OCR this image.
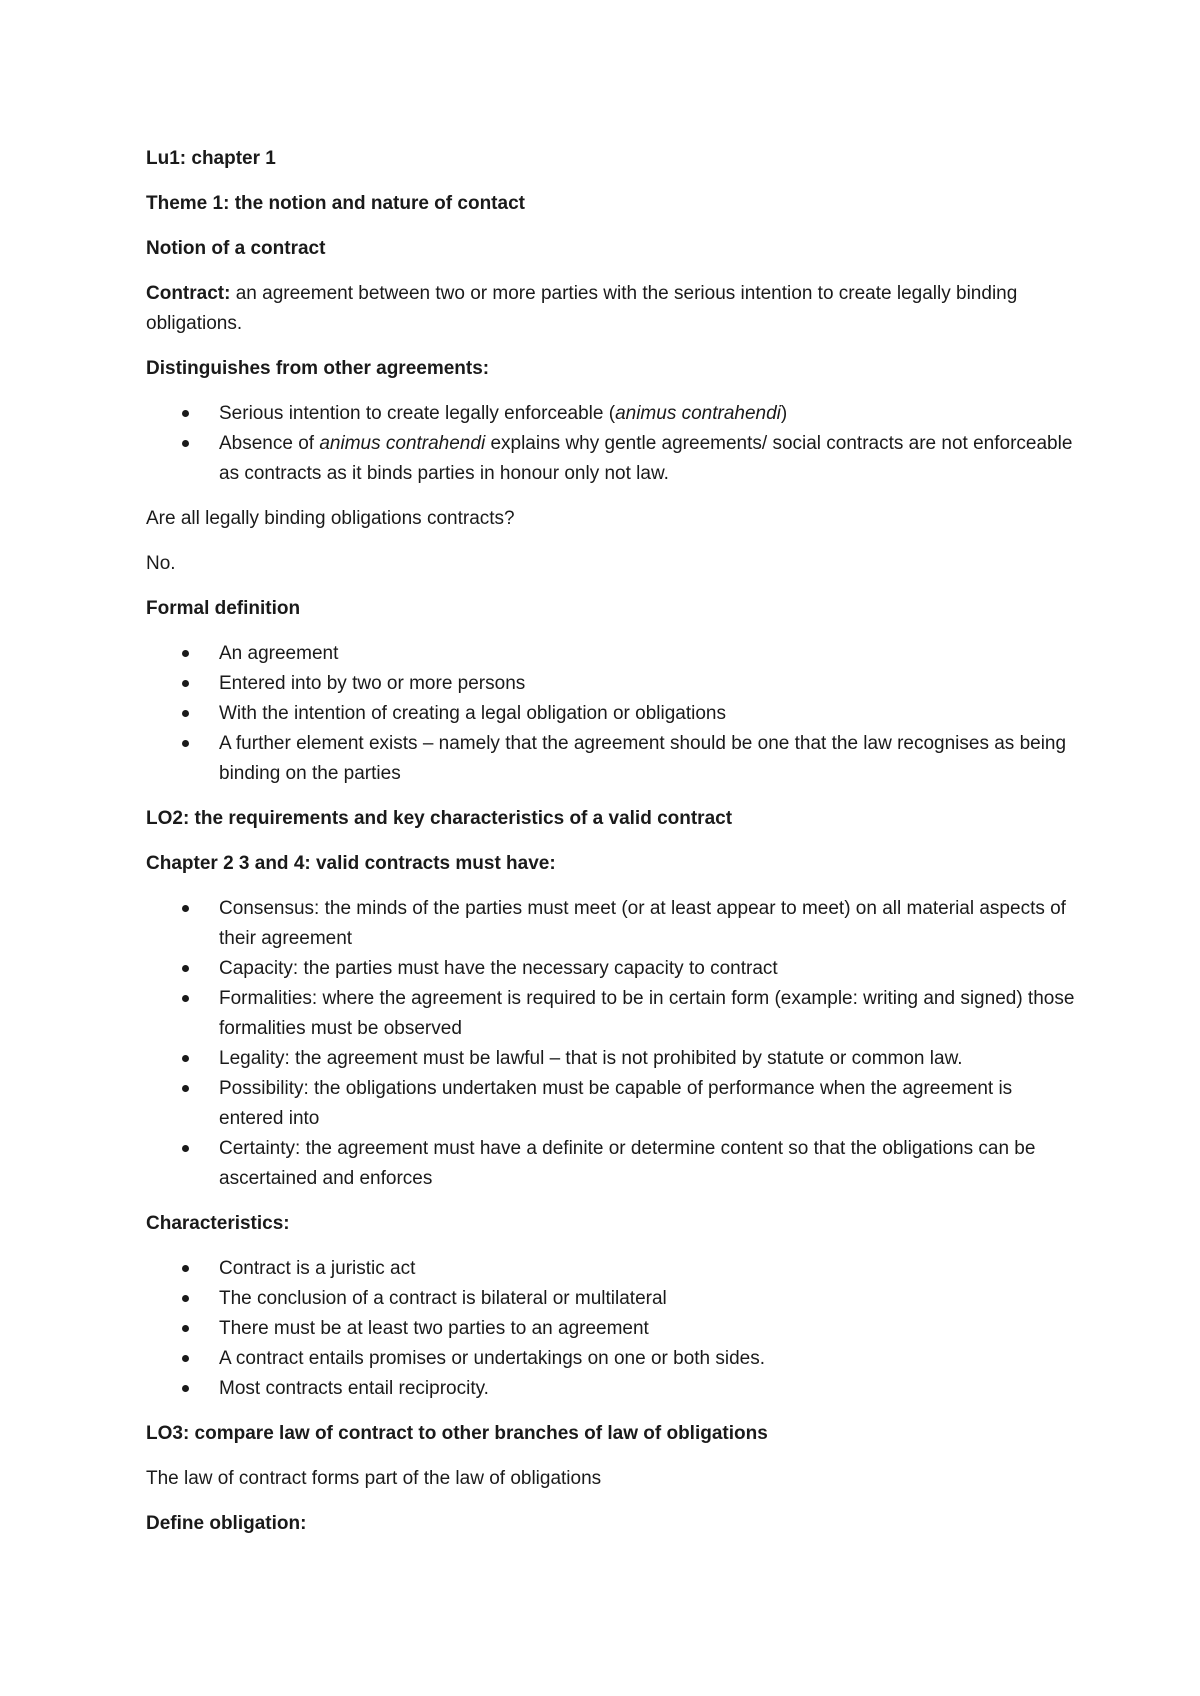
Lu1: chapter 1

Theme 1: the notion and nature of contact

Notion of a contract

Contract: an agreement between two or more parties with the serious intention to create legally binding obligations.

Distinguishes from other agreements:

Serious intention to create legally enforceable (animus contrahendi)
Absence of animus contrahendi explains why gentle agreements/ social contracts are not enforceable as contracts as it binds parties in honour only not law.

Are all legally binding obligations contracts?

No.

Formal definition

An agreement
Entered into by two or more persons
With the intention of creating a legal obligation or obligations
A further element exists – namely that the agreement should be one that the law recognises as being binding on the parties

LO2: the requirements and key characteristics of a valid contract

Chapter 2 3 and 4: valid contracts must have:

Consensus: the minds of the parties must meet (or at least appear to meet) on all material aspects of their agreement
Capacity: the parties must have the necessary capacity to contract
Formalities: where the agreement is required to be in certain form (example: writing and signed) those formalities must be observed
Legality: the agreement must be lawful – that is not prohibited by statute or common law.
Possibility: the obligations undertaken must be capable of performance when the agreement is entered into
Certainty: the agreement must have a definite or determine content so that the obligations can be ascertained and enforces

Characteristics:

Contract is a juristic act
The conclusion of a contract is bilateral or multilateral
There must be at least two parties to an agreement
A contract entails promises or undertakings on one or both sides.
Most contracts entail reciprocity.

LO3: compare law of contract to other branches of law of obligations

The law of contract forms part of the law of obligations

Define obligation:
